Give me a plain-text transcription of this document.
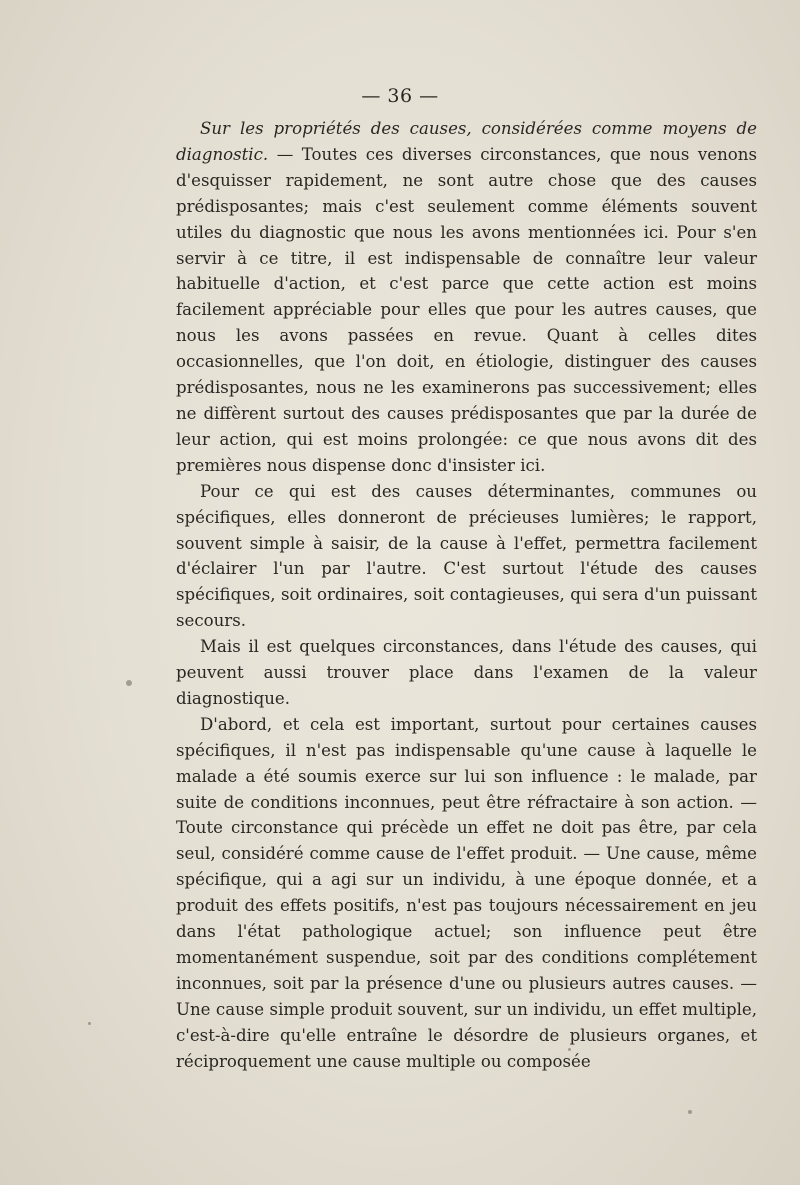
— 36 —

Sur les propriétés des causes, considérées comme moyens de diagnostic. — Toutes ces diverses circonstances, que nous venons d'esquisser rapidement, ne sont autre chose que des causes prédisposantes; mais c'est seulement comme éléments souvent utiles du diagnostic que nous les avons mentionnées ici. Pour s'en servir à ce titre, il est indispensable de connaître leur valeur habituelle d'action, et c'est parce que cette action est moins facilement appréciable pour elles que pour les autres causes, que nous les avons passées en revue. Quant à celles dites occasionnelles, que l'on doit, en étiologie, distinguer des causes prédisposantes, nous ne les examinerons pas successivement; elles ne diffèrent surtout des causes prédisposantes que par la durée de leur action, qui est moins prolongée: ce que nous avons dit des premières nous dispense donc d'insister ici.

Pour ce qui est des causes déterminantes, communes ou spécifiques, elles donneront de précieuses lumières; le rapport, souvent simple à saisir, de la cause à l'effet, permettra facilement d'éclairer l'un par l'autre. C'est surtout l'étude des causes spécifiques, soit ordinaires, soit contagieuses, qui sera d'un puissant secours.

Mais il est quelques circonstances, dans l'étude des causes, qui peuvent aussi trouver place dans l'examen de la valeur diagnostique.

D'abord, et cela est important, surtout pour certaines causes spécifiques, il n'est pas indispensable qu'une cause à laquelle le malade a été soumis exerce sur lui son influence : le malade, par suite de conditions inconnues, peut être réfractaire à son action. — Toute circonstance qui précède un effet ne doit pas être, par cela seul, considéré comme cause de l'effet produit. — Une cause, même spécifique, qui a agi sur un individu, à une époque donnée, et a produit des effets positifs, n'est pas toujours nécessairement en jeu dans l'état pathologique actuel; son influence peut être momentanément suspendue, soit par des conditions complétement inconnues, soit par la présence d'une ou plusieurs autres causes. — Une cause simple produit souvent, sur un individu, un effet multiple, c'est-à-dire qu'elle entraîne le désordre de plusieurs organes, et réciproquement une cause multiple ou composée
